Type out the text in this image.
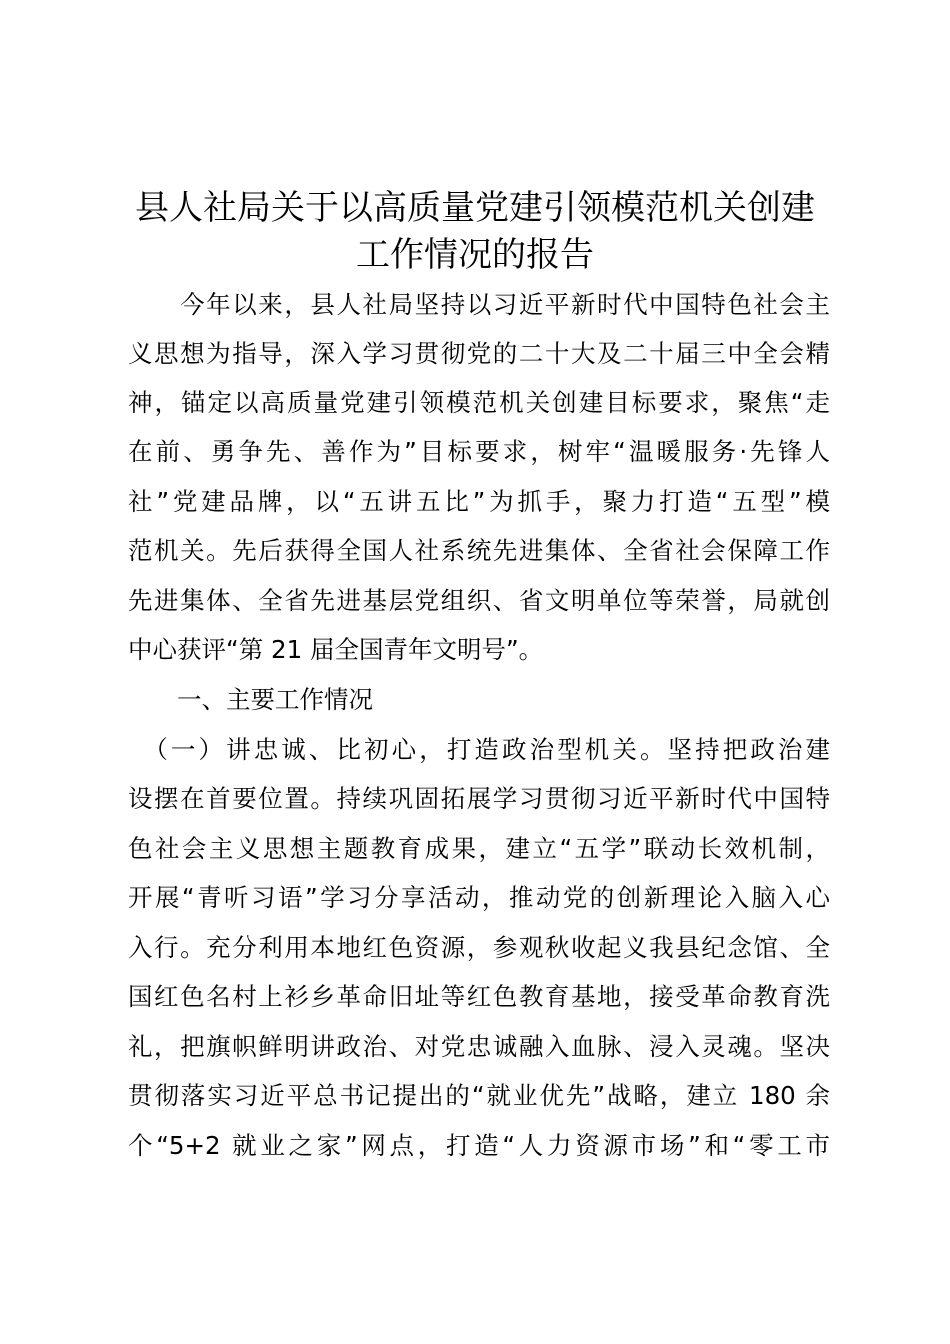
县人社局关于以高质量党建引领模范机关创建
工作情况的报告
　　今年以来，县人社局坚持以习近平新时代中国特色社会主
义思想为指导，深入学习贯彻党的二十大及二十届三中全会精
神，锚定以高质量党建引领模范机关创建目标要求，聚焦“走
在前、勇争先、善作为”目标要求，树牢“温暖服务·先锋人
社”党建品牌，以“五讲五比”为抓手，聚力打造“五型”模
范机关。先后获得全国人社系统先进集体、全省社会保障工作
先进集体、全省先进基层党组织、省文明单位等荣誉，局就创
中心获评“第 21 届全国青年文明号”。
　　一、主要工作情况
　（一）讲忠诚、比初心，打造政治型机关。坚持把政治建
设摆在首要位置。持续巩固拓展学习贯彻习近平新时代中国特
色社会主义思想主题教育成果，建立“五学”联动长效机制，
开展“青听习语”学习分享活动，推动党的创新理论入脑入心
入行。充分利用本地红色资源，参观秋收起义我县纪念馆、全
国红色名村上衫乡革命旧址等红色教育基地，接受革命教育洗
礼，把旗帜鲜明讲政治、对党忠诚融入血脉、浸入灵魂。坚决
贯彻落实习近平总书记提出的“就业优先”战略，建立 180 余
个“5+2 就业之家”网点，打造“人力资源市场”和“零工市
